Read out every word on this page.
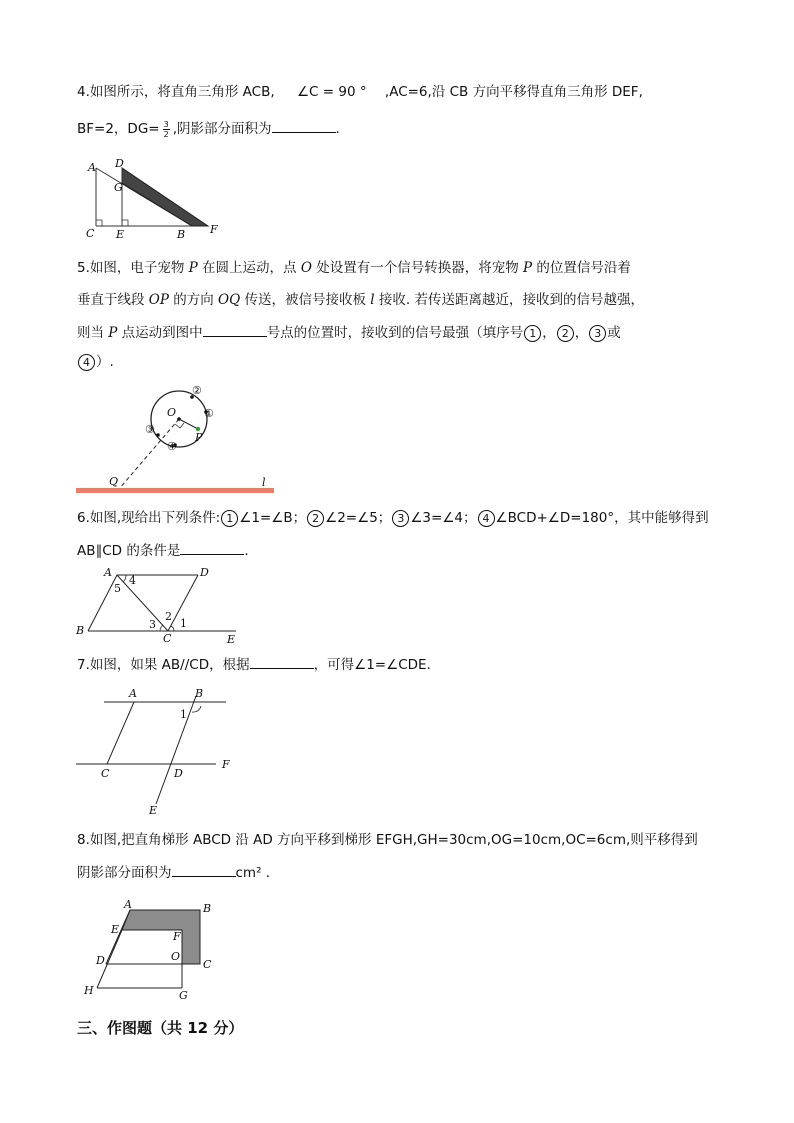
4.如图所示，将直角三角形 ACB, ∠C = 90 ° ,AC=6,沿 CB 方向平移得直角三角形 DEF,
BF=2，$DG= \frac{3}{2}$ ,阴影部分面积为	.
A D
G
C E	B F
5.如图，电子宠物 P 在圆上运动，点 O 处设置有一个信号转换器，将宠物 P 的位置信号沿着
垂直于线段 OP 的方向 OQ 传送，被信号接收板 l 接收. 若传送距离越近，接收到的信号越强，
则当 P 点运动到图中	号点的位置时，接收到的信号最强（填序号 1 ， 2 ， 3 或
4 ）.
O
P
Q	l
②
①
③
④
6.如图,现给出下列条件: 1 ∠1=∠B； 2 ∠2=∠5； 3 ∠3=∠4； 4 ∠BCD+∠D=180°，其中能够得到
AB∥CD 的条件是	.
A	D
B
C	E
4
5
2
3 1
7.如图，如果 AB//CD，根据	，可得∠1=∠CDE.
A	B
C	D
F
E
1
8.如图,把直角梯形 ABCD 沿 AD 方向平移到梯形 EFGH,GH=30cm,OG=10cm,OC=6cm,则平移得到
阴影部分面积为	cm² .
A	B
E
F
D	O
C
H	G
三、作图题（共 12 分）
